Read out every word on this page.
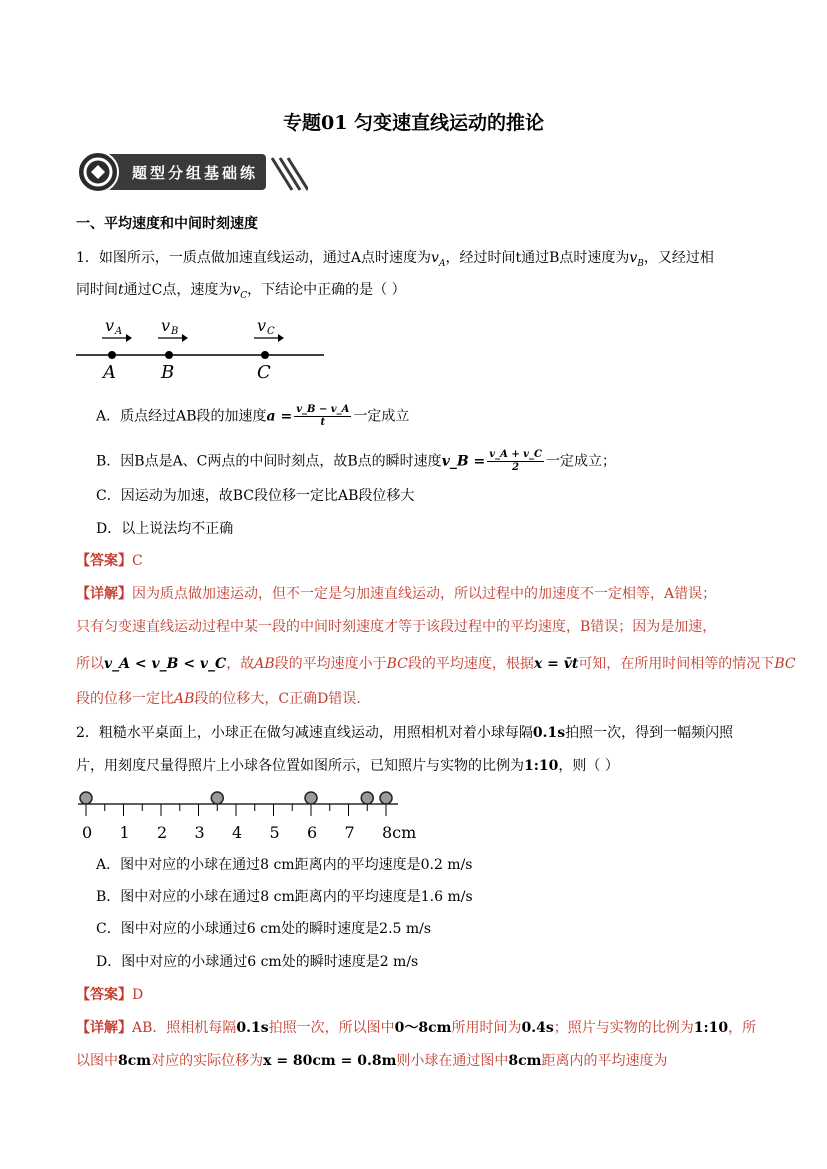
专题01 匀变速直线运动的推论
题型分组基础练
一、平均速度和中间时刻速度
1．如图所示，一质点做加速直线运动，通过A点时速度为$v_A$，经过时间t通过B点时速度为$v_B$，又经过相
同时间t通过C点，速度为$v_C$，下结论中正确的是（ ）
v A v B	v C
A	B	C
A．质点经过AB段的加速度$a = \frac{v\_B - v\_A}{t}$ 一定成立
B．因B点是A、C两点的中间时刻点，故B点的瞬时速度v_B = $\frac{v\_A + v\_C}{2}$ 一定成立；
C．因运动为加速，故BC段位移一定比AB段位移大
D．以上说法均不正确
【答案】C
【详解】因为质点做加速运动，但不一定是匀加速直线运动，所以过程中的加速度不一定相等，A错误；
只有匀变速直线运动过程中某一段的中间时刻速度才等于该段过程中的平均速度，B错误；因为是加速，
所以v_A < v_B < v_C，故AB段的平均速度小于BC段的平均速度，根据x = v̄t可知，在所用时间相等的情况下BC
段的位移一定比AB段的位移大，C正确D错误．
2．粗糙水平桌面上，小球正在做匀减速直线运动，用照相机对着小球每隔0.1s拍照一次，得到一幅频闪照
片，用刻度尺量得照片上小球各位置如图所示，已知照片与实物的比例为1:10，则（ ）
0 1 2 3 4 5 6 7 8cm
A．图中对应的小球在通过8 cm距离内的平均速度是0.2 m/s
B．图中对应的小球在通过8 cm距离内的平均速度是1.6 m/s
C．图中对应的小球通过6 cm处的瞬时速度是2.5 m/s
D．图中对应的小球通过6 cm处的瞬时速度是2 m/s
【答案】D
【详解】AB．照相机每隔0.1s拍照一次，所以图中0～8cm所用时间为0.4s；照片与实物的比例为1:10，所
以图中8cm对应的实际位移为x = 80cm = 0.8m则小球在通过图中8cm距离内的平均速度为
